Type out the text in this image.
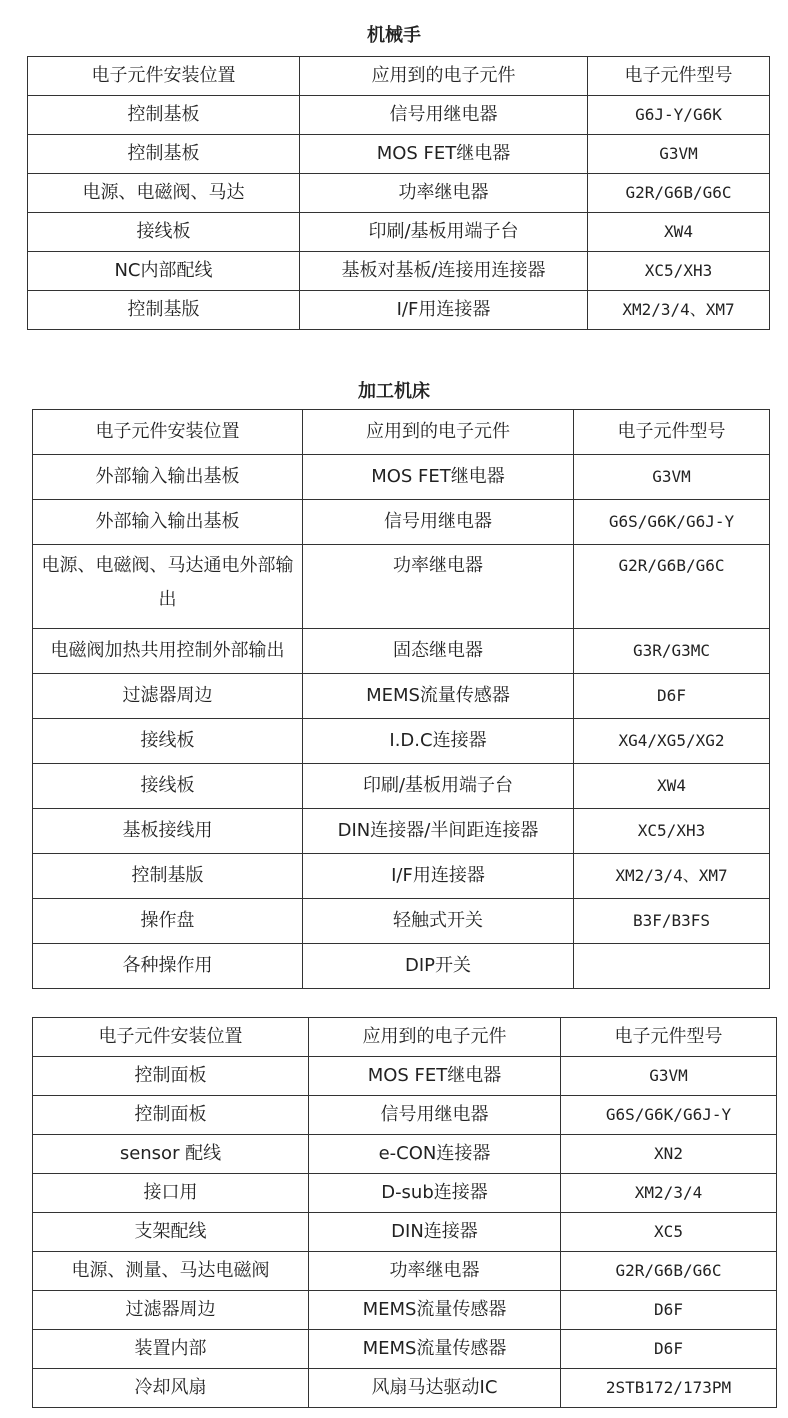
机械手
电子元件安装位置	应用到的电子元件	电子元件型号
控制基板	信号用继电器	G6J-Y/G6K
控制基板	MOS FET继电器	G3VM
电源、电磁阀、马达	功率继电器	G2R/G6B/G6C
接线板	印刷/基板用端子台	XW4
NC内部配线	基板对基板/连接用连接器	XC5/XH3
控制基版	I/F用连接器	XM2/3/4、XM7
加工机床
电子元件安装位置	应用到的电子元件	电子元件型号
外部输入输出基板	MOS FET继电器	G3VM
外部输入输出基板	信号用继电器	G6S/G6K/G6J-Y
电源、电磁阀、马达通电外部输出	功率继电器	G2R/G6B/G6C
电磁阀加热共用控制外部输出	固态继电器	G3R/G3MC
过滤器周边	MEMS流量传感器	D6F
接线板	I.D.C连接器	XG4/XG5/XG2
接线板	印刷/基板用端子台	XW4
基板接线用	DIN连接器/半间距连接器	XC5/XH3
控制基版	I/F用连接器	XM2/3/4、XM7
操作盘	轻触式开关	B3F/B3FS
各种操作用	DIP开关	
电子元件安装位置	应用到的电子元件	电子元件型号
控制面板	MOS FET继电器	G3VM
控制面板	信号用继电器	G6S/G6K/G6J-Y
sensor 配线	e-CON连接器	XN2
接口用	D-sub连接器	XM2/3/4
支架配线	DIN连接器	XC5
电源、测量、马达电磁阀	功率继电器	G2R/G6B/G6C
过滤器周边	MEMS流量传感器	D6F
装置内部	MEMS流量传感器	D6F
冷却风扇	风扇马达驱动IC	2STB172/173PM
